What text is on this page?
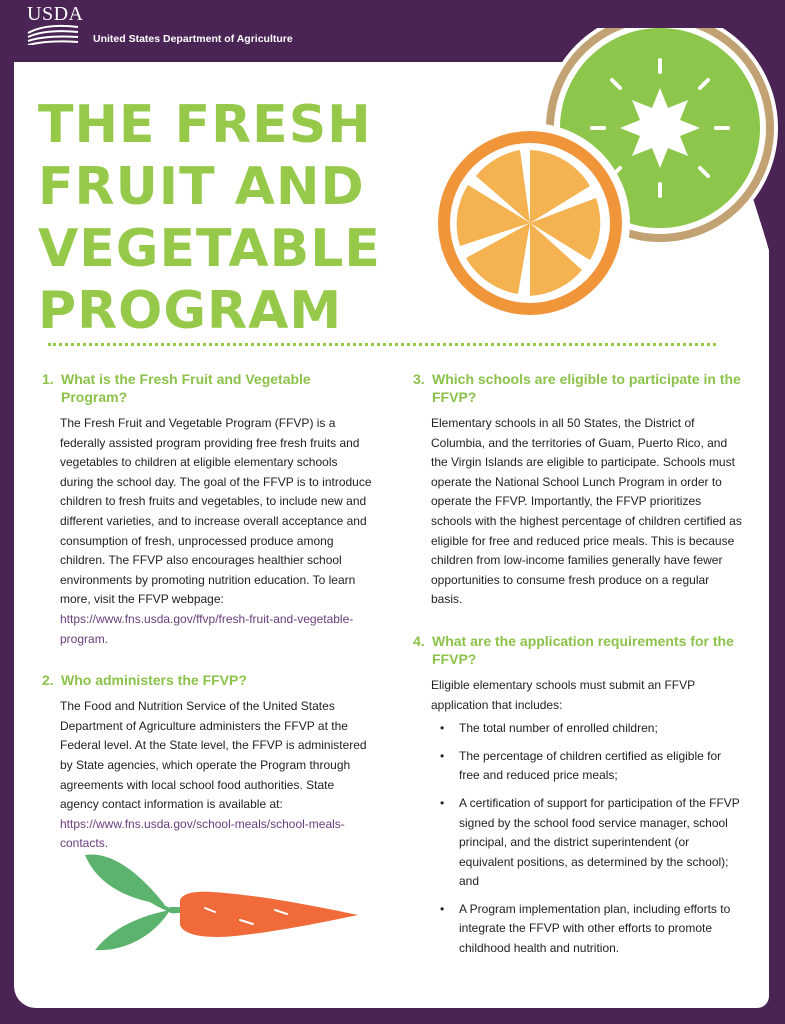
USDA
United States Department of Agriculture
THE FRESH
FRUIT AND
VEGETABLE
PROGRAM
1. What is the Fresh Fruit and Vegetable Program?

The Fresh Fruit and Vegetable Program (FFVP) is a federally assisted program providing free fresh fruits and vegetables to children at eligible elementary schools during the school day. The goal of the FFVP is to introduce children to fresh fruits and vegetables, to include new and different varieties, and to increase overall acceptance and consumption of fresh, unprocessed produce among children. The FFVP also encourages healthier school environments by promoting nutrition education. To learn more, visit the FFVP webpage: https://www.fns.usda.gov/ffvp/fresh-fruit-and-vegetable-program.

2. Who administers the FFVP?

The Food and Nutrition Service of the United States Department of Agriculture administers the FFVP at the Federal level. At the State level, the FFVP is administered by State agencies, which operate the Program through agreements with local school food authorities. State agency contact information is available at: https://www.fns.usda.gov/school-meals/school-meals-contacts.

3. Which schools are eligible to participate in the FFVP?

Elementary schools in all 50 States, the District of Columbia, and the territories of Guam, Puerto Rico, and the Virgin Islands are eligible to participate. Schools must operate the National School Lunch Program in order to operate the FFVP. Importantly, the FFVP prioritizes schools with the highest percentage of children certified as eligible for free and reduced price meals. This is because children from low-income families generally have fewer opportunities to consume fresh produce on a regular basis.

4. What are the application requirements for the FFVP?

Eligible elementary schools must submit an FFVP application that includes:

• The total number of enrolled children;
• The percentage of children certified as eligible for free and reduced price meals;
• A certification of support for participation of the FFVP signed by the school food service manager, school principal, and the district superintendent (or equivalent positions, as determined by the school); and
• A Program implementation plan, including efforts to integrate the FFVP with other efforts to promote childhood health and nutrition.
